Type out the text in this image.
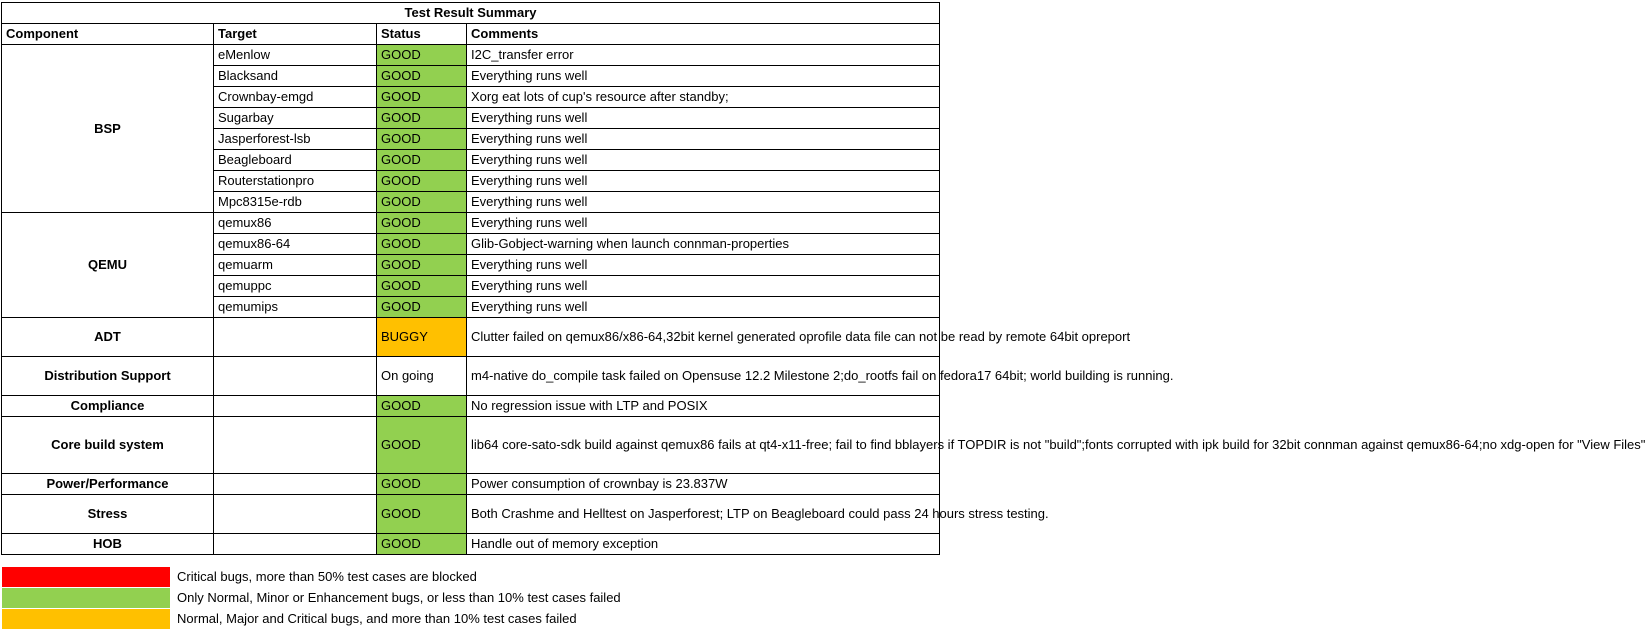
Test Result Summary			
Component	Target	Status	Comments
BSP	eMenlow	GOOD	I2C_transfer error
	Blacksand	GOOD	Everything runs well
	Crownbay-emgd	GOOD	Xorg eat lots of cup's resource after standby;
	Sugarbay	GOOD	Everything runs well
	Jasperforest-lsb	GOOD	Everything runs well
	Beagleboard	GOOD	Everything runs well
	Routerstationpro	GOOD	Everything runs well
	Mpc8315e-rdb	GOOD	Everything runs well
QEMU	qemux86	GOOD	Everything runs well
	qemux86-64	GOOD	Glib-Gobject-warning when launch connman-properties
	qemuarm	GOOD	Everything runs well
	qemuppc	GOOD	Everything runs well
	qemumips	GOOD	Everything runs well
ADT		BUGGY	Clutter failed on qemux86/x86-64,32bit kernel generated oprofile data file can not be read by remote 64bit opreport
Distribution Support		On going	m4-native do_compile task failed on Opensuse 12.2 Milestone 2;do_rootfs fail on fedora17 64bit; world building is running.
Compliance		GOOD	No regression issue with LTP and POSIX
Core build system		GOOD	lib64 core-sato-sdk build against qemux86 fails at qt4-x11-free; fail to find bblayers if TOPDIR is not "build";fonts corrupted with ipk build for 32bit connman against qemux86-64;no xdg-open for "View Files"
Power/Performance		GOOD	Power consumption of crownbay is 23.837W
Stress		GOOD	Both Crashme and Helltest on Jasperforest; LTP on Beagleboard could pass 24 hours stress testing.
HOB		GOOD	Handle out of memory exception
Critical bugs, more than 50% test cases are blocked
Only Normal, Minor or Enhancement bugs, or less than 10% test cases failed
Normal, Major and Critical bugs, and more than 10% test cases failed
